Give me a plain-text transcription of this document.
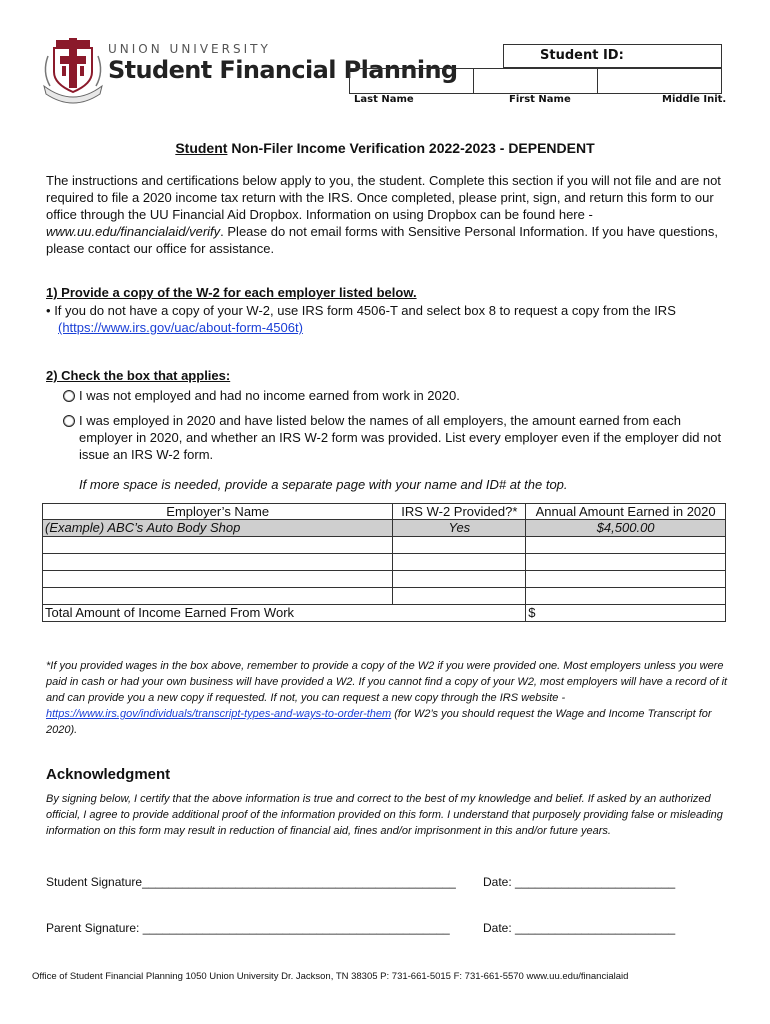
UNION UNIVERSITY
Student Financial Planning
Student ID:
Last Name	First Name	Middle Init.
Student Non-Filer Income Verification 2022-2023 - DEPENDENT
The instructions and certifications below apply to you, the student. Complete this section if you will not file and are not required to file a 2020 income tax return with the IRS. Once completed, please print, sign, and return this form to our office through the UU Financial Aid Dropbox. Information on using Dropbox can be found here - www.uu.edu/financialaid/verify. Please do not email forms with Sensitive Personal Information. If you have questions, please contact our office for assistance.
1) Provide a copy of the W-2 for each employer listed below.
• If you do not have a copy of your W-2, use IRS form 4506-T and select box 8 to request a copy from the IRS
(https://www.irs.gov/uac/about-form-4506t)
2) Check the box that applies:
I was not employed and had no income earned from work in 2020.
I was employed in 2020 and have listed below the names of all employers, the amount earned from each employer in 2020, and whether an IRS W-2 form was provided. List every employer even if the employer did not issue an IRS W-2 form.
If more space is needed, provide a separate page with your name and ID# at the top.
Employer’s Name	IRS W-2 Provided?*	Annual Amount Earned in 2020
(Example) ABC’s Auto Body Shop	Yes	$4,500.00

Total Amount of Income Earned From Work		$
*If you provided wages in the box above, remember to provide a copy of the W2 if you were provided one. Most employers unless you were paid in cash or had your own business will have provided a W2. If you cannot find a copy of your W2, most employers will have a record of it and can provide you a new copy if requested. If not, you can request a new copy through the IRS website - https://www.irs.gov/individuals/transcript-types-and-ways-to-order-them (for W2’s you should request the Wage and Income Transcript for 2020).
Acknowledgment
By signing below, I certify that the above information is true and correct to the best of my knowledge and belief. If asked by an authorized official, I agree to provide additional proof of the information provided on this form. I understand that purposely providing false or misleading information on this form may result in reduction of financial aid, fines and/or imprisonment in this and/or future years.
Student Signature_______________________________________________ Date: ________________________
Parent Signature: ______________________________________________	Date: ________________________
Office of Student Financial Planning 1050 Union University Dr. Jackson, TN 38305 P: 731-661-5015 F: 731-661-5570 www.uu.edu/financialaid
